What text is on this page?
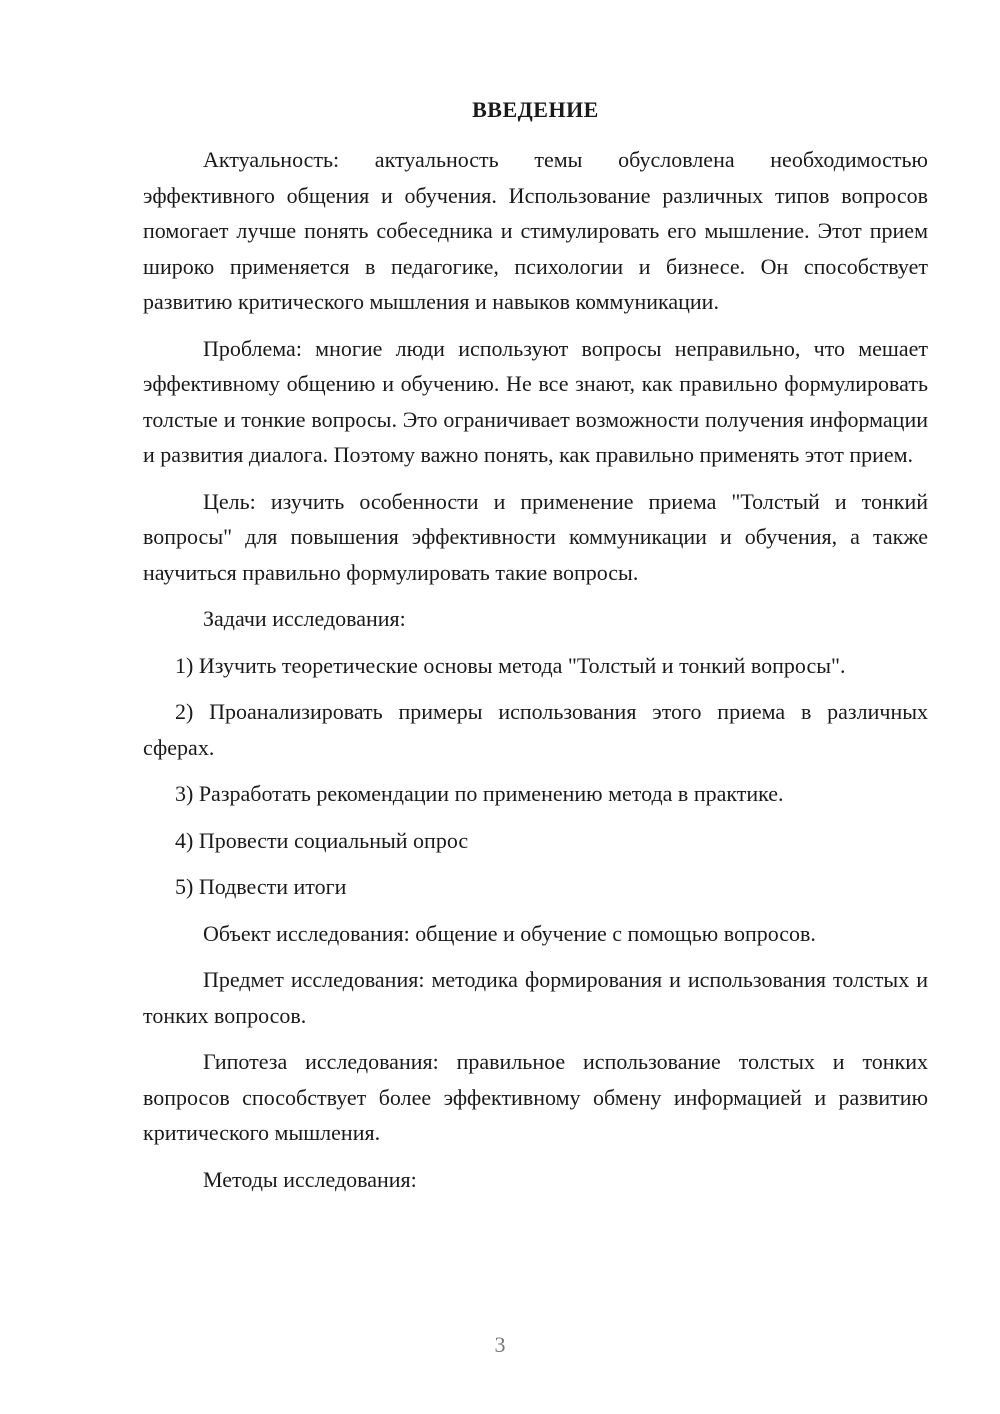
ВВЕДЕНИЕ

Актуальность: актуальность темы обусловлена необходимостью эффективного общения и обучения. Использование различных типов вопросов помогает лучше понять собеседника и стимулировать его мышление. Этот прием широко применяется в педагогике, психологии и бизнесе. Он способствует развитию критического мышления и навыков коммуникации.

Проблема: многие люди используют вопросы неправильно, что мешает эффективному общению и обучению. Не все знают, как правильно формулировать толстые и тонкие вопросы. Это ограничивает возможности получения информации и развития диалога. Поэтому важно понять, как правильно применять этот прием.

Цель: изучить особенности и применение приема "Толстый и тонкий вопросы" для повышения эффективности коммуникации и обучения, а также научиться правильно формулировать такие вопросы.

Задачи исследования:

1) Изучить теоретические основы метода "Толстый и тонкий вопросы".

2) Проанализировать примеры использования этого приема в различных сферах.

3) Разработать рекомендации по применению метода в практике.

4) Провести социальный опрос

5) Подвести итоги

Объект исследования: общение и обучение с помощью вопросов.

Предмет исследования: методика формирования и использования толстых и тонких вопросов.

Гипотеза исследования: правильное использование толстых и тонких вопросов способствует более эффективному обмену информацией и развитию критического мышления.

Методы исследования:

3
